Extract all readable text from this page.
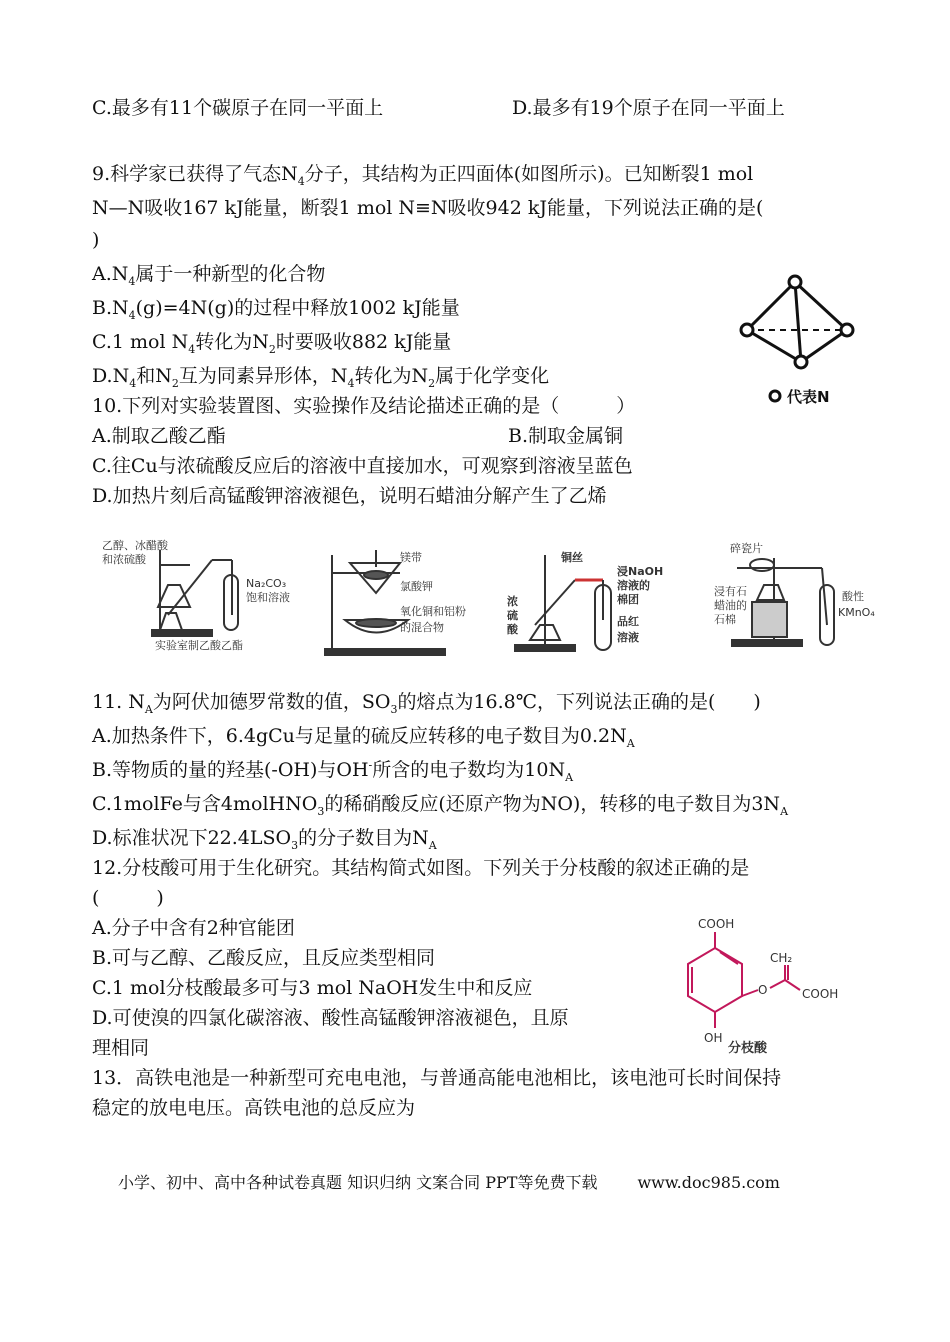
C.最多有11个碳原子在同一平面上	D.最多有19个原子在同一平面上
9.科学家已获得了气态$N_4$分子，其结构为正四面体(如图所示)。已知断裂1 mol
N—N吸收167 kJ能量，断裂1 mol N≡N吸收942 kJ能量，下列说法正确的是(
)
$A.N_4$属于一种新型的化合物
$B.N_4(g)=4N(g)$的过程中释放1002 kJ能量
C.1 mol $N_4$转化为$N_2$时要吸收882 kJ能量
$D.N_4$和$N_2$互为同素异形体，$N_4$转化为$N_2$属于化学变化
代表N
10.下列对实验装置图、实验操作及结论描述正确的是（　　　）
A.制取乙酸乙酯	B.制取金属铜
C.往Cu与浓硫酸反应后的溶液中直接加水，可观察到溶液呈蓝色
D.加热片刻后高锰酸钾溶液褪色，说明石蜡油分解产生了乙烯
乙醇、冰醋酸
和浓硫酸
Na₂CO₃
饱和溶液
实验室制乙酸乙酯
镁带
氯酸钾
氧化铜和铝粉
的混合物
铜丝
浓
硫
酸
浸NaOH
溶液的
棉团
品红
溶液
碎瓷片
浸有石
蜡油的
石棉
酸性
KMnO₄
11. $N_A$为阿伏加德罗常数的值，$SO_3$的熔点为16.8℃，下列说法正确的是(　　)
A.加热条件下，6.4gCu与足量的硫反应转移的电子数目为$0.2N_A$
B.等物质的量的羟基(-OH)与OH-所含的电子数均为$10N_A$
C.1molFe与含4molHNO$_3$的稀硝酸反应(还原产物为NO)，转移的电子数目为$3N_A$
D.标准状况下$22.4LSO_3$的分子数目为$N_A$
12.分枝酸可用于生化研究。其结构简式如图。下列关于分枝酸的叙述正确的是
(　　　)
A.分子中含有2种官能团
B.可与乙醇、乙酸反应，且反应类型相同
C.1 mol分枝酸最多可与3 mol NaOH发生中和反应
D.可使溴的四氯化碳溶液、酸性高锰酸钾溶液褪色，且原
理相同
COOH
CH₂
O	COOH
OH
分枝酸
13．高铁电池是一种新型可充电电池，与普通高能电池相比，该电池可长时间保持
稳定的放电电压。高铁电池的总反应为
小学、初中、高中各种试卷真题 知识归纳 文案合同 PPT等免费下载	www.doc985.com
